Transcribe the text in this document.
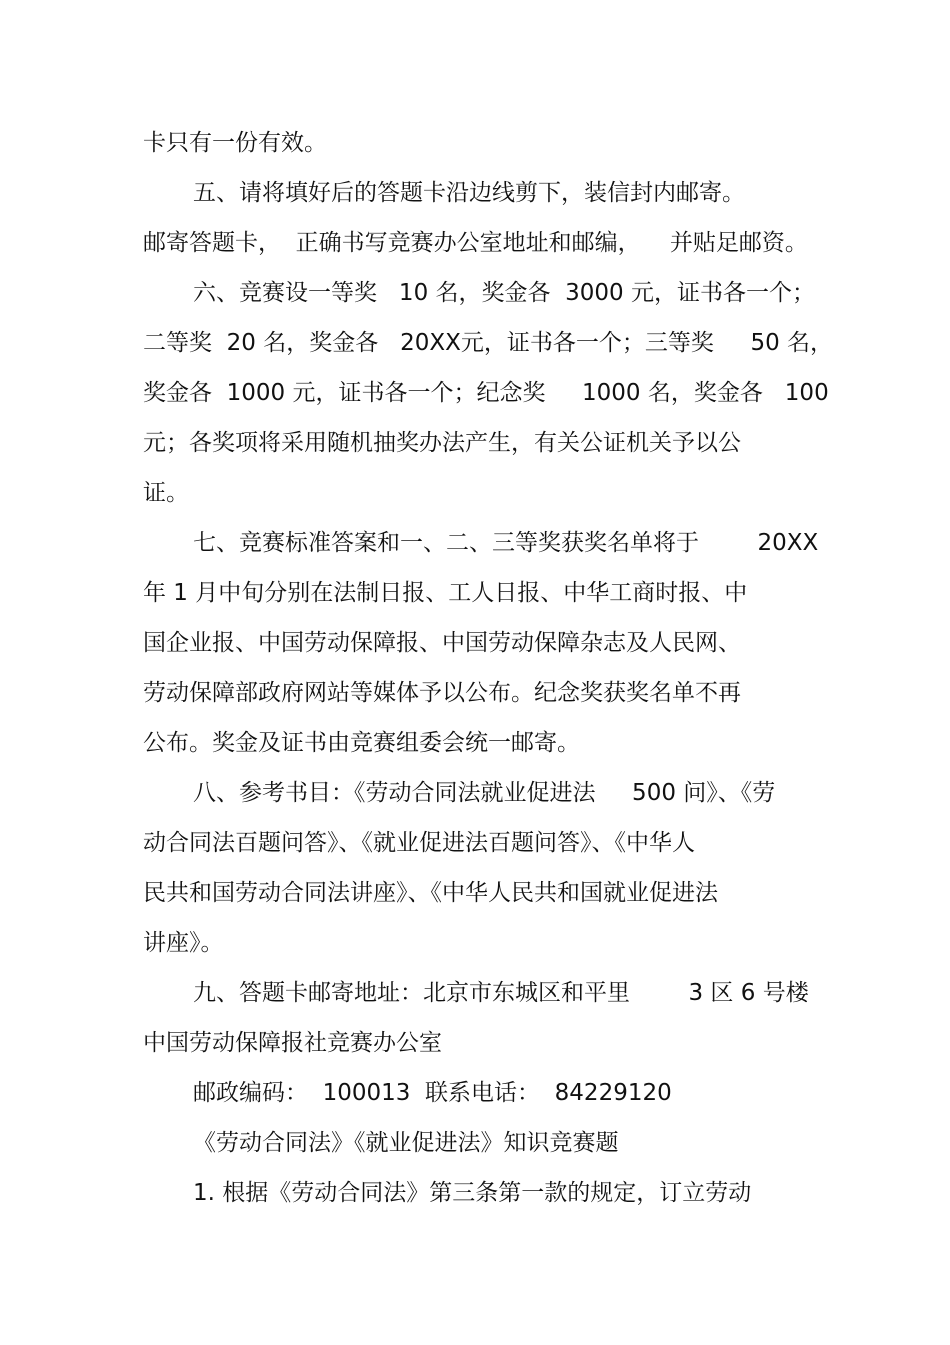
卡只有一份有效。
五、请将填好后的答题卡沿边线剪下，装信封内邮寄。
邮寄答题卡，  正确书写竞赛办公室地址和邮编，    并贴足邮资。
六、竞赛设一等奖   10 名，奖金各  3000 元，证书各一个；
二等奖  20 名，奖金各   20XX元，证书各一个；三等奖     50 名，
奖金各  1000 元，证书各一个；纪念奖     1000 名，奖金各   100
元；各奖项将采用随机抽奖办法产生，有关公证机关予以公
证。
七、竞赛标准答案和一、二、三等奖获奖名单将于        20XX
年 1 月中旬分别在法制日报、工人日报、中华工商时报、中
国企业报、中国劳动保障报、中国劳动保障杂志及人民网、
劳动保障部政府网站等媒体予以公布。纪念奖获奖名单不再
公布。奖金及证书由竞赛组委会统一邮寄。
八、参考书目：《劳动合同法就业促进法     500 问》、《劳
动合同法百题问答》、《就业促进法百题问答》、《中华人
民共和国劳动合同法讲座》、《中华人民共和国就业促进法
讲座》。
九、答题卡邮寄地址：北京市东城区和平里        3 区 6 号楼
中国劳动保障报社竞赛办公室
邮政编码：  100013  联系电话：  84229120
《劳动合同法》《就业促进法》知识竞赛题
1. 根据《劳动合同法》第三条第一款的规定，订立劳动
